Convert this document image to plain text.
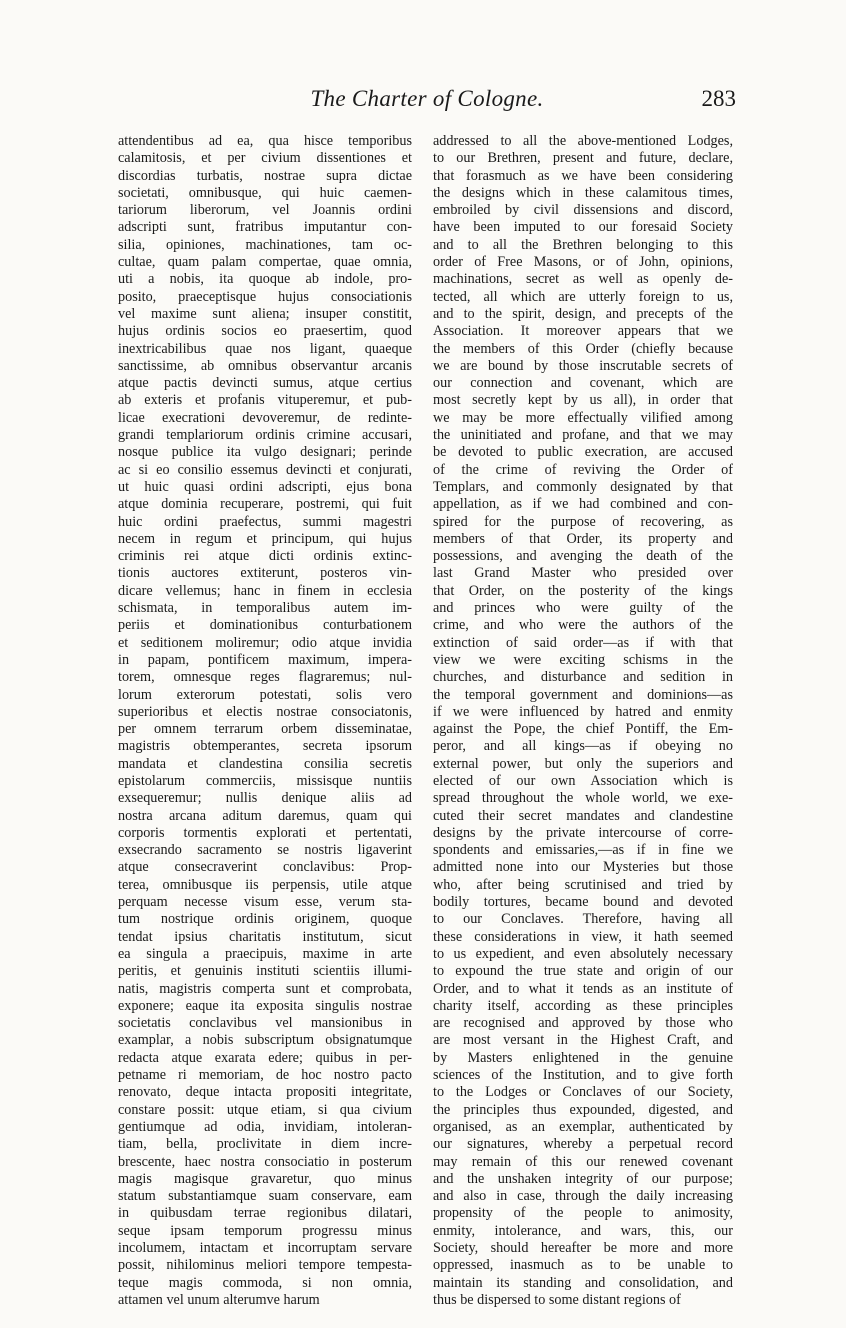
The Charter of Cologne.	283
attendentibus ad ea, qua hisce temporibus
calamitosis, et per civium dissentiones et
discordias turbatis, nostrae supra dictae
societati, omnibusque, qui huic caemen-
tariorum liberorum, vel Joannis ordini
adscripti sunt, fratribus imputantur con-
silia, opiniones, machinationes, tam oc-
cultae, quam palam compertae, quae omnia,
uti a nobis, ita quoque ab indole, pro-
posito, praeceptisque hujus consociationis
vel maxime sunt aliena; insuper constitit,
hujus ordinis socios eo praesertim, quod
inextricabilibus quae nos ligant, quaeque
sanctissime, ab omnibus observantur arcanis
atque pactis devincti sumus, atque certius
ab exteris et profanis vituperemur, et pub-
licae execrationi devoveremur, de redinte-
grandi templariorum ordinis crimine accusari,
nosque publice ita vulgo designari; perinde
ac si eo consilio essemus devincti et conjurati,
ut huic quasi ordini adscripti, ejus bona
atque dominia recuperare, postremi, qui fuit
huic ordini praefectus, summi magestri
necem in regum et principum, qui hujus
criminis rei atque dicti ordinis extinc-
tionis auctores extiterunt, posteros vin-
dicare vellemus; hanc in finem in ecclesia
schismata, in temporalibus autem im-
periis et dominationibus conturbationem
et seditionem moliremur; odio atque invidia
in papam, pontificem maximum, impera-
torem, omnesque reges flagraremus; nul-
lorum exterorum potestati, solis vero
superioribus et electis nostrae consociatonis,
per omnem terrarum orbem disseminatae,
magistris obtemperantes, secreta ipsorum
mandata et clandestina consilia secretis
epistolarum commerciis, missisque nuntiis
exsequeremur; nullis denique aliis ad
nostra arcana aditum daremus, quam qui
corporis tormentis explorati et pertentati,
exsecrando sacramento se nostris ligaverint
atque consecraverint conclavibus: Prop-
terea, omnibusque iis perpensis, utile atque
perquam necesse visum esse, verum sta-
tum nostrique ordinis originem, quoque
tendat ipsius charitatis institutum, sicut
ea singula a praecipuis, maxime in arte
peritis, et genuinis instituti scientiis illumi-
natis, magistris comperta sunt et comprobata,
exponere; eaque ita exposita singulis nostrae
societatis conclavibus vel mansionibus in
examplar, a nobis subscriptum obsignatumque
redacta atque exarata edere; quibus in per-
petname ri memoriam, de hoc nostro pacto
renovato, deque intacta propositi integritate,
constare possit: utque etiam, si qua civium
gentiumque ad odia, invidiam, intoleran-
tiam, bella, proclivitate in diem incre-
brescente, haec nostra consociatio in posterum
magis magisque gravaretur, quo minus
statum substantiamque suam conservare, eam
in quibusdam terrae regionibus dilatari,
seque ipsam temporum progressu minus
incolumem, intactam et incorruptam servare
possit, nihilominus meliori tempore tempesta-
teque magis commoda, si non omnia,
attamen vel unum alterumve harum
addressed to all the above-mentioned Lodges,
to our Brethren, present and future, declare,
that forasmuch as we have been considering
the designs which in these calamitous times,
embroiled by civil dissensions and discord,
have been imputed to our foresaid Society
and to all the Brethren belonging to this
order of Free Masons, or of John, opinions,
machinations, secret as well as openly de-
tected, all which are utterly foreign to us,
and to the spirit, design, and precepts of the
Association. It moreover appears that we
the members of this Order (chiefly because
we are bound by those inscrutable secrets of
our connection and covenant, which are
most secretly kept by us all), in order that
we may be more effectually vilified among
the uninitiated and profane, and that we may
be devoted to public execration, are accused
of the crime of reviving the Order of
Templars, and commonly designated by that
appellation, as if we had combined and con-
spired for the purpose of recovering, as
members of that Order, its property and
possessions, and avenging the death of the
last Grand Master who presided over
that Order, on the posterity of the kings
and princes who were guilty of the
crime, and who were the authors of the
extinction of said order—as if with that
view we were exciting schisms in the
churches, and disturbance and sedition in
the temporal government and dominions—as
if we were influenced by hatred and enmity
against the Pope, the chief Pontiff, the Em-
peror, and all kings—as if obeying no
external power, but only the superiors and
elected of our own Association which is
spread throughout the whole world, we exe-
cuted their secret mandates and clandestine
designs by the private intercourse of corre-
spondents and emissaries,—as if in fine we
admitted none into our Mysteries but those
who, after being scrutinised and tried by
bodily tortures, became bound and devoted
to our Conclaves. Therefore, having all
these considerations in view, it hath seemed
to us expedient, and even absolutely necessary
to expound the true state and origin of our
Order, and to what it tends as an institute of
charity itself, according as these principles
are recognised and approved by those who
are most versant in the Highest Craft, and
by Masters enlightened in the genuine
sciences of the Institution, and to give forth
to the Lodges or Conclaves of our Society,
the principles thus expounded, digested, and
organised, as an exemplar, authenticated by
our signatures, whereby a perpetual record
may remain of this our renewed covenant
and the unshaken integrity of our purpose;
and also in case, through the daily increasing
propensity of the people to animosity,
enmity, intolerance, and wars, this, our
Society, should hereafter be more and more
oppressed, inasmuch as to be unable to
maintain its standing and consolidation, and
thus be dispersed to some distant regions of
